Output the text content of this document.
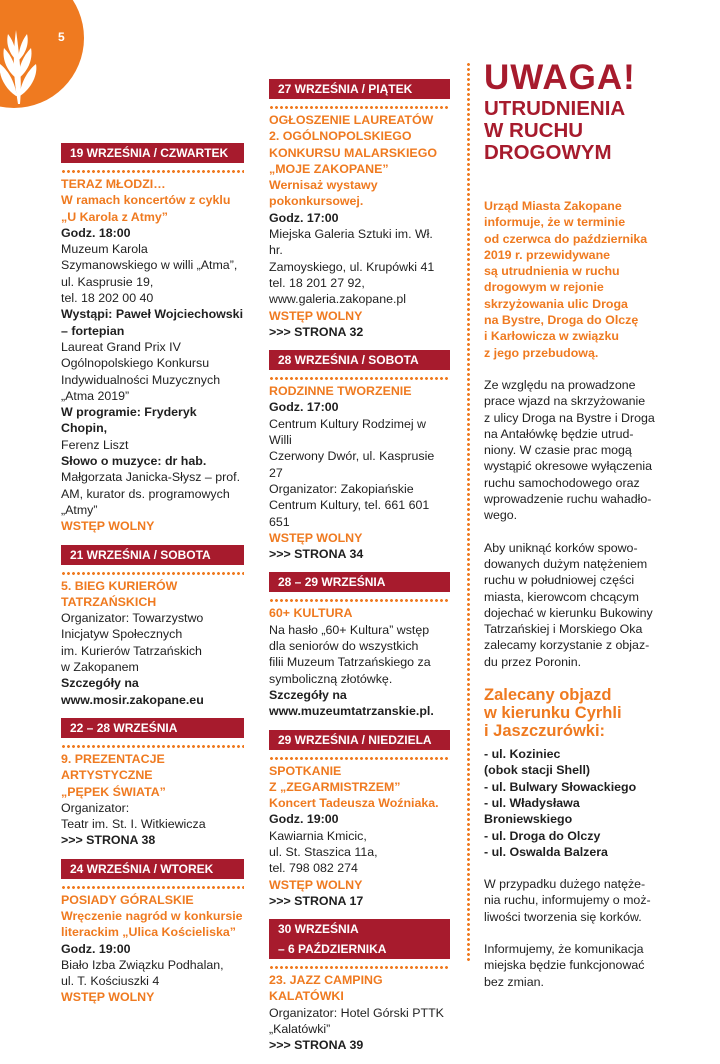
5
19 WRZEŚNIA / CZWARTEK
TERAZ MŁODZI…
W ramach koncertów z cyklu
„U Karola z Atmy”
Godz. 18:00
Muzeum Karola
Szymanowskiego w willi „Atma”,
ul. Kasprusie 19,
tel. 18 202 00 40
Wystąpi: Paweł Wojciechowski
– fortepian
Laureat Grand Prix IV
Ogólnopolskiego Konkursu
Indywidualności Muzycznych
„Atma 2019”
W programie: Fryderyk Chopin,
Ferenz Liszt
Słowo o muzyce: dr hab.
Małgorzata Janicka-Słysz – prof.
AM, kurator ds. programowych
„Atmy”
WSTĘP WOLNY
21 WRZEŚNIA / SOBOTA
5. BIEG KURIERÓW
TATRZAŃSKICH
Organizator: Towarzystwo
Inicjatyw Społecznych
im. Kurierów Tatrzańskich
w Zakopanem
Szczegóły na
www.mosir.zakopane.eu
22 – 28 WRZEŚNIA
9. PREZENTACJE
ARTYSTYCZNE
„PĘPEK ŚWIATA”
Organizator:
Teatr im. St. I. Witkiewicza
>>> STRONA 38
24 WRZEŚNIA / WTOREK
POSIADY GÓRALSKIE
Wręczenie nagród w konkursie
literackim „Ulica Kościeliska”
Godz. 19:00
Biało Izba Związku Podhalan,
ul. T. Kościuszki 4
WSTĘP WOLNY
27 WRZEŚNIA / PIĄTEK
OGŁOSZENIE LAUREATÓW
2. OGÓLNOPOLSKIEGO
KONKURSU MALARSKIEGO
„MOJE ZAKOPANE”
Wernisaż wystawy
pokonkursowej.
Godz. 17:00
Miejska Galeria Sztuki im. Wł. hr.
Zamoyskiego, ul. Krupówki 41
tel. 18 201 27 92,
www.galeria.zakopane.pl
WSTĘP WOLNY
>>> STRONA 32
28 WRZEŚNIA / SOBOTA
RODZINNE TWORZENIE
Godz. 17:00
Centrum Kultury Rodzimej w Willi
Czerwony Dwór, ul. Kasprusie 27
Organizator: Zakopiańskie
Centrum Kultury, tel. 661 601 651
WSTĘP WOLNY
>>> STRONA 34
28 – 29 WRZEŚNIA
60+ KULTURA
Na hasło „60+ Kultura” wstęp
dla seniorów do wszystkich
filii Muzeum Tatrzańskiego za
symboliczną złotówkę.
Szczegóły na
www.muzeumtatrzanskie.pl.
29 WRZEŚNIA / NIEDZIELA
SPOTKANIE
Z „ZEGARMISTRZEM”
Koncert Tadeusza Woźniaka.
Godz. 19:00
Kawiarnia Kmicic,
ul. St. Staszica 11a,
tel. 798 082 274
WSTĘP WOLNY
>>> STRONA 17
30 WRZEŚNIA
– 6 PAŹDZIERNIKA
23. JAZZ CAMPING
KALATÓWKI
Organizator: Hotel Górski PTTK
„Kalatówki”
>>> STRONA 39
UWAGA!
UTRUDNIENIA
W RUCHU
DROGOWYM
Urząd Miasta Zakopane
informuje, że w terminie
od czerwca do października
2019 r. przewidywane
są utrudnienia w ruchu
drogowym w rejonie
skrzyżowania ulic Droga
na Bystre, Droga do Olczę
i Karłowicza w związku
z jego przebudową.
Ze względu na prowadzone
prace wjazd na skrzyżowanie
z ulicy Droga na Bystre i Droga
na Antałówkę będzie utrud-
niony. W czasie prac mogą
wystąpić okresowe wyłączenia
ruchu samochodowego oraz
wprowadzenie ruchu wahadło-
wego.
Aby uniknąć korków spowo-
dowanych dużym natężeniem
ruchu w południowej części
miasta, kierowcom chcącym
dojechać w kierunku Bukowiny
Tatrzańskiej i Morskiego Oka
zalecamy korzystanie z objaz-
du przez Poronin.
Zalecany objazd
w kierunku Cyrhli
i Jaszczurówki:
- ul. Koziniec
(obok stacji Shell)
- ul. Bulwary Słowackiego
- ul. Władysława
Broniewskiego
- ul. Droga do Olczy
- ul. Oswalda Balzera
W przypadku dużego natęże-
nia ruchu, informujemy o moż-
liwości tworzenia się korków.
Informujemy, że komunikacja
miejska będzie funkcjonować
bez zmian.
